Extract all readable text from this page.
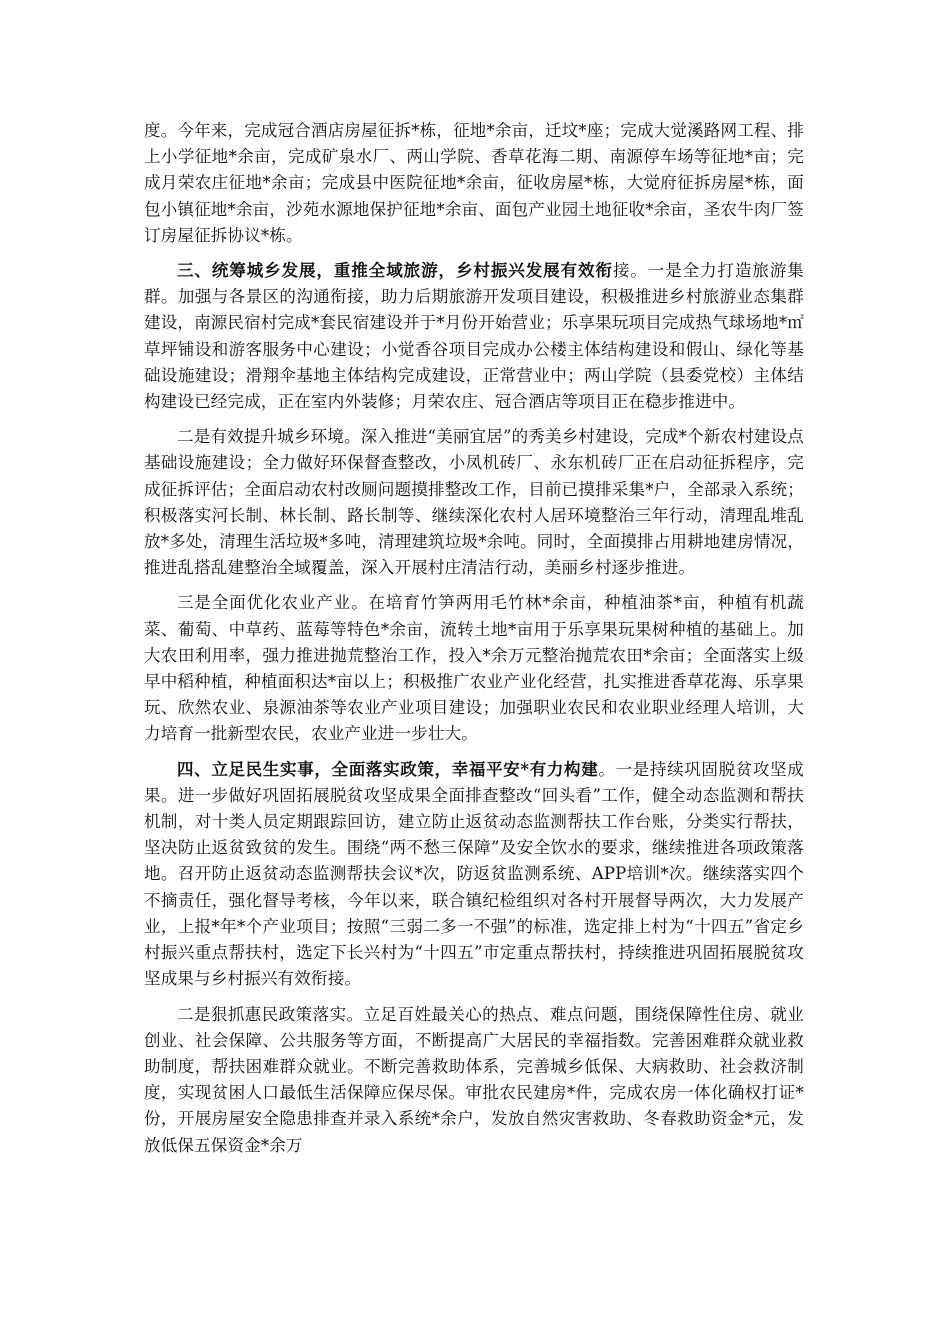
度。今年来，完成冠合酒店房屋征拆*栋，征地*余亩，迁坟*座；完成大觉溪路网工程、排上小学征地*余亩，完成矿泉水厂、两山学院、香草花海二期、南源停车场等征地*亩；完成月荣农庄征地*余亩；完成县中医院征地*余亩，征收房屋*栋，大觉府征拆房屋*栋，面包小镇征地*余亩，沙苑水源地保护征地*余亩、面包产业园土地征收*余亩，圣农牛肉厂签订房屋征拆协议*栋。

三、统筹城乡发展，重推全域旅游，乡村振兴发展有效衔接。一是全力打造旅游集群。加强与各景区的沟通衔接，助力后期旅游开发项目建设，积极推进乡村旅游业态集群建设，南源民宿村完成*套民宿建设并于*月份开始营业；乐享果玩项目完成热气球场地*㎡草坪铺设和游客服务中心建设；小觉香谷项目完成办公楼主体结构建设和假山、绿化等基础设施建设；滑翔伞基地主体结构完成建设，正常营业中；两山学院（县委党校）主体结构建设已经完成，正在室内外装修；月荣农庄、冠合酒店等项目正在稳步推进中。

二是有效提升城乡环境。深入推进“美丽宜居”的秀美乡村建设，完成*个新农村建设点基础设施建设；全力做好环保督查整改，小凤机砖厂、永东机砖厂正在启动征拆程序，完成征拆评估；全面启动农村改厕问题摸排整改工作，目前已摸排采集*户，全部录入系统；积极落实河长制、林长制、路长制等、继续深化农村人居环境整治三年行动，清理乱堆乱放*多处，清理生活垃圾*多吨，清理建筑垃圾*余吨。同时，全面摸排占用耕地建房情况，推进乱搭乱建整治全域覆盖，深入开展村庄清洁行动，美丽乡村逐步推进。

三是全面优化农业产业。在培育竹笋两用毛竹林*余亩，种植油茶*亩，种植有机蔬菜、葡萄、中草药、蓝莓等特色*余亩，流转土地*亩用于乐享果玩果树种植的基础上。加大农田利用率，强力推进抛荒整治工作，投入*余万元整治抛荒农田*余亩；全面落实上级早中稻种植，种植面积达*亩以上；积极推广农业产业化经营，扎实推进香草花海、乐享果玩、欣然农业、泉源油茶等农业产业项目建设；加强职业农民和农业职业经理人培训，大力培育一批新型农民，农业产业进一步壮大。

四、立足民生实事，全面落实政策，幸福平安*有力构建。一是持续巩固脱贫攻坚成果。进一步做好巩固拓展脱贫攻坚成果全面排查整改“回头看”工作，健全动态监测和帮扶机制，对十类人员定期跟踪回访，建立防止返贫动态监测帮扶工作台账，分类实行帮扶，坚决防止返贫致贫的发生。围绕“两不愁三保障”及安全饮水的要求，继续推进各项政策落地。召开防止返贫动态监测帮扶会议*次，防返贫监测系统、APP培训*次。继续落实四个不摘责任，强化督导考核，今年以来，联合镇纪检组织对各村开展督导两次，大力发展产业，上报*年*个产业项目；按照“三弱二多一不强”的标准，选定排上村为“十四五”省定乡村振兴重点帮扶村，选定下长兴村为“十四五”市定重点帮扶村，持续推进巩固拓展脱贫攻坚成果与乡村振兴有效衔接。

二是狠抓惠民政策落实。立足百姓最关心的热点、难点问题，围绕保障性住房、就业创业、社会保障、公共服务等方面，不断提高广大居民的幸福指数。完善困难群众就业救助制度，帮扶困难群众就业。不断完善救助体系，完善城乡低保、大病救助、社会救济制度，实现贫困人口最低生活保障应保尽保。审批农民建房*件，完成农房一体化确权打证*份，开展房屋安全隐患排查并录入系统*余户，发放自然灾害救助、冬春救助资金*元，发放低保五保资金*余万
